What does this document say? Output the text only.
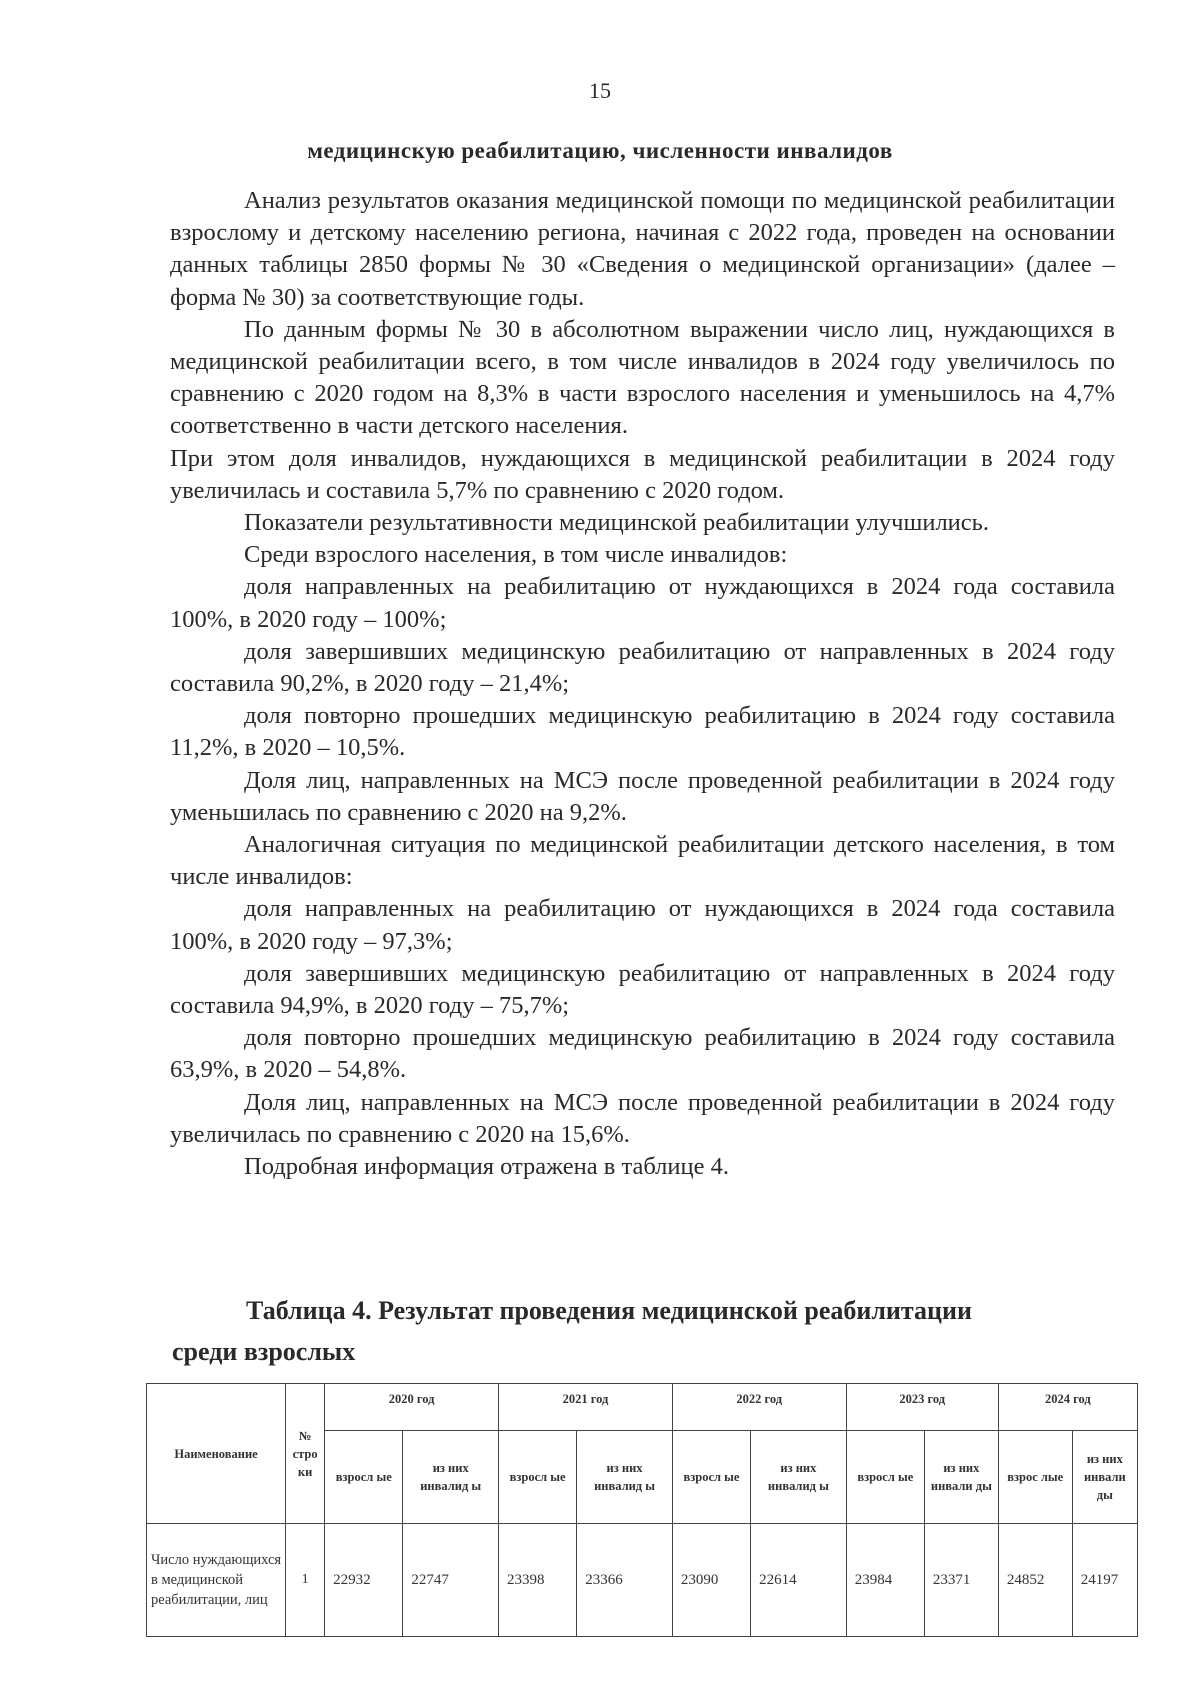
15
медицинскую реабилитацию, численности инвалидов

Анализ результатов оказания медицинской помощи по медицинской реабилитации взрослому и детскому населению региона, начиная с 2022 года, проведен на основании данных таблицы 2850 формы № 30 «Сведения о медицинской организации» (далее – форма № 30) за соответствующие годы.

По данным формы № 30 в абсолютном выражении число лиц, нуждающихся в медицинской реабилитации всего, в том числе инвалидов в 2024 году увеличилось по сравнению с 2020 годом на 8,3% в части взрослого населения и уменьшилось на 4,7% соответственно в части детского населения.

При этом доля инвалидов, нуждающихся в медицинской реабилитации в 2024 году увеличилась и составила 5,7% по сравнению с 2020 годом.

Показатели результативности медицинской реабилитации улучшились.

Среди взрослого населения, в том числе инвалидов:

доля направленных на реабилитацию от нуждающихся в 2024 года составила 100%, в 2020 году – 100%;

доля завершивших медицинскую реабилитацию от направленных в 2024 году составила 90,2%, в 2020 году – 21,4%;

доля повторно прошедших медицинскую реабилитацию в 2024 году составила 11,2%, в 2020 – 10,5%.

Доля лиц, направленных на МСЭ после проведенной реабилитации в 2024 году уменьшилась по сравнению с 2020 на 9,2%.

Аналогичная ситуация по медицинской реабилитации детского населения, в том числе инвалидов:

доля направленных на реабилитацию от нуждающихся в 2024 года составила 100%, в 2020 году – 97,3%;

доля завершивших медицинскую реабилитацию от направленных в 2024 году составила 94,9%, в 2020 году – 75,7%;

доля повторно прошедших медицинскую реабилитацию в 2024 году составила 63,9%, в 2020 – 54,8%.

Доля лиц, направленных на МСЭ после проведенной реабилитации в 2024 году увеличилась по сравнению с 2020 на 15,6%.

Подробная информация отражена в таблице 4.

Таблица 4. Результат проведения медицинской реабилитации
среди взрослых
Наименование	№ стро ки	2020 год		2021 год		2022 год		2023 год		2024 год	
		взросл ые	из них инвалид ы	взросл ые	из них инвалид ы	взросл ые	из них инвалид ы	взросл ые	из них инвали ды	взрос лые	из них инвали ды
Число нуждающихся в медицинской реабилитации, лиц	1	22932	22747	23398	23366	23090	22614	23984	23371	24852	24197
